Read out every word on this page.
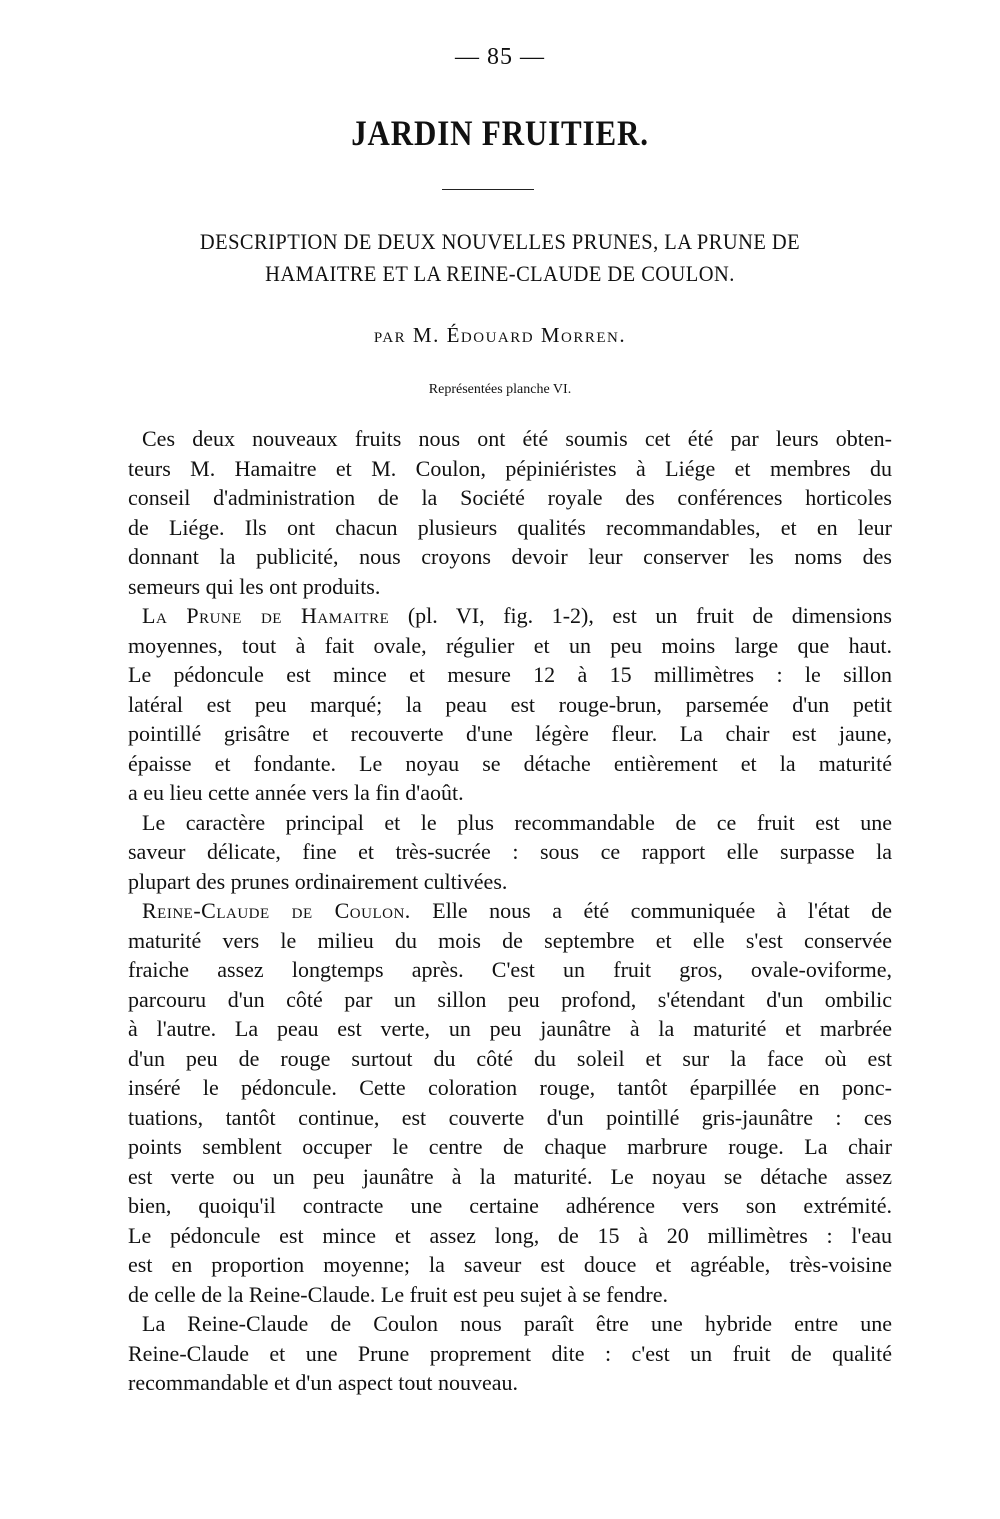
— 85 —
JARDIN FRUITIER.
DESCRIPTION DE DEUX NOUVELLES PRUNES, LA PRUNE DE
HAMAITRE ET LA REINE-CLAUDE DE COULON.
par M. Édouard Morren.
Représentées planche VI.
Ces deux nouveaux fruits nous ont été soumis cet été par leurs obten-
teurs M. Hamaitre et M. Coulon, pépiniéristes à Liége et membres du
conseil d'administration de la Société royale des conférences horticoles
de Liége. Ils ont chacun plusieurs qualités recommandables, et en leur
donnant la publicité, nous croyons devoir leur conserver les noms des
semeurs qui les ont produits.
La Prune de Hamaitre (pl. VI, fig. 1-2), est un fruit de dimensions
moyennes, tout à fait ovale, régulier et un peu moins large que haut.
Le pédoncule est mince et mesure 12 à 15 millimètres : le sillon
latéral est peu marqué; la peau est rouge-brun, parsemée d'un petit
pointillé grisâtre et recouverte d'une légère fleur. La chair est jaune,
épaisse et fondante. Le noyau se détache entièrement et la maturité
a eu lieu cette année vers la fin d'août.
Le caractère principal et le plus recommandable de ce fruit est une
saveur délicate, fine et très-sucrée : sous ce rapport elle surpasse la
plupart des prunes ordinairement cultivées.
Reine-Claude de Coulon. Elle nous a été communiquée à l'état de
maturité vers le milieu du mois de septembre et elle s'est conservée
fraiche assez longtemps après. C'est un fruit gros, ovale-oviforme,
parcouru d'un côté par un sillon peu profond, s'étendant d'un ombilic
à l'autre. La peau est verte, un peu jaunâtre à la maturité et marbrée
d'un peu de rouge surtout du côté du soleil et sur la face où est
inséré le pédoncule. Cette coloration rouge, tantôt éparpillée en ponc-
tuations, tantôt continue, est couverte d'un pointillé gris-jaunâtre : ces
points semblent occuper le centre de chaque marbrure rouge. La chair
est verte ou un peu jaunâtre à la maturité. Le noyau se détache assez
bien, quoiqu'il contracte une certaine adhérence vers son extrémité.
Le pédoncule est mince et assez long, de 15 à 20 millimètres : l'eau
est en proportion moyenne; la saveur est douce et agréable, très-voisine
de celle de la Reine-Claude. Le fruit est peu sujet à se fendre.
La Reine-Claude de Coulon nous paraît être une hybride entre une
Reine-Claude et une Prune proprement dite : c'est un fruit de qualité
recommandable et d'un aspect tout nouveau.
